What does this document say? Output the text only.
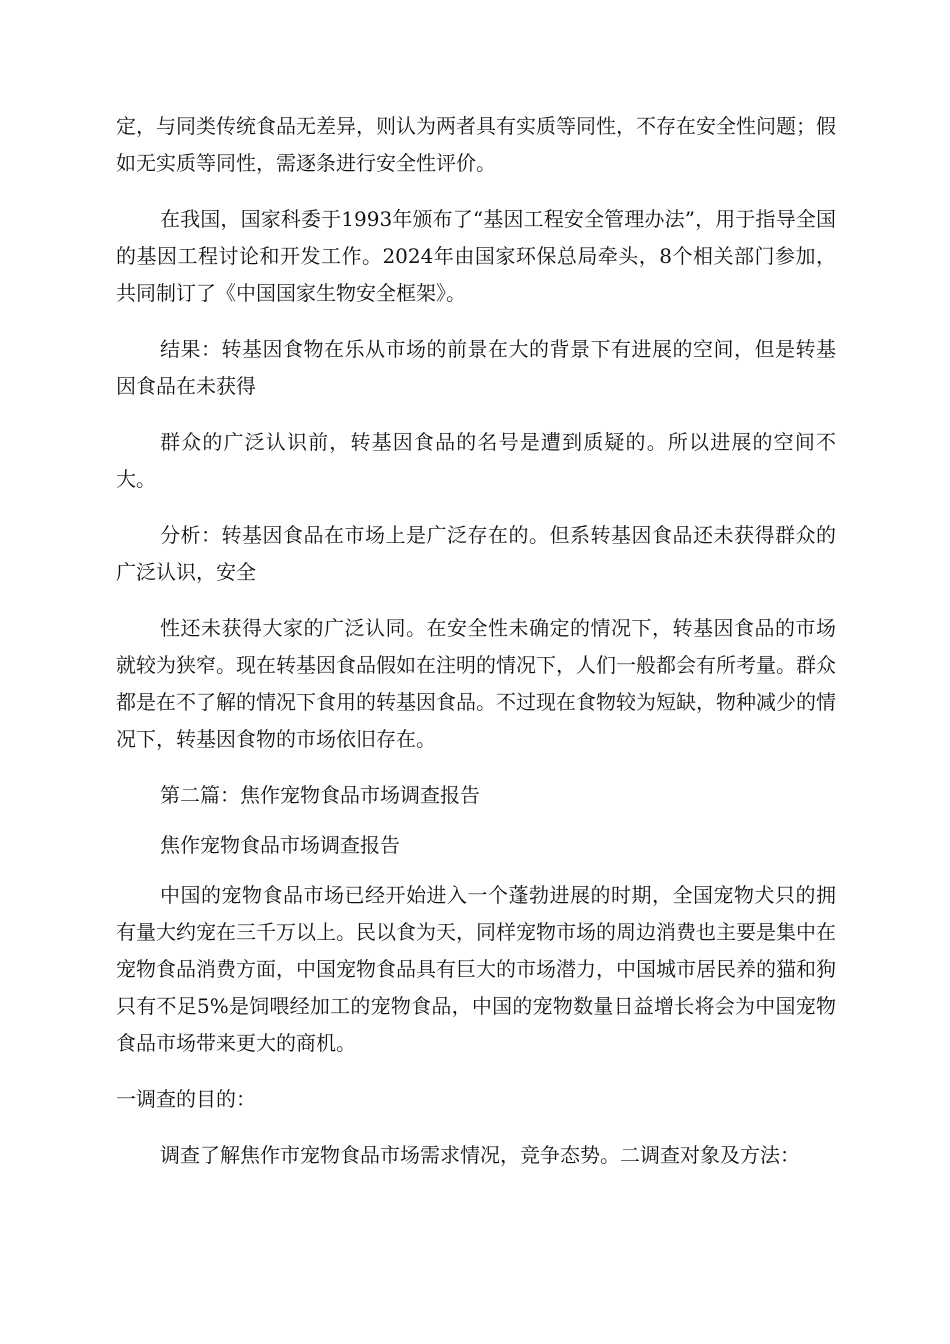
定，与同类传统食品无差异，则认为两者具有实质等同性，不存在安全性问题；假如无实质等同性，需逐条进行安全性评价。

在我国，国家科委于1993年颁布了“基因工程安全管理办法”，用于指导全国的基因工程讨论和开发工作。2024年由国家环保总局牵头，8个相关部门参加，共同制订了《中国国家生物安全框架》。

结果：转基因食物在乐从市场的前景在大的背景下有进展的空间，但是转基因食品在未获得

群众的广泛认识前，转基因食品的名号是遭到质疑的。所以进展的空间不大。

分析：转基因食品在市场上是广泛存在的。但系转基因食品还未获得群众的广泛认识，安全

性还未获得大家的广泛认同。在安全性未确定的情况下，转基因食品的市场就较为狭窄。现在转基因食品假如在注明的情况下，人们一般都会有所考量。群众都是在不了解的情况下食用的转基因食品。不过现在食物较为短缺，物种减少的情况下，转基因食物的市场依旧存在。

第二篇：焦作宠物食品市场调查报告

焦作宠物食品市场调查报告

中国的宠物食品市场已经开始进入一个蓬勃进展的时期，全国宠物犬只的拥有量大约宠在三千万以上。民以食为天，同样宠物市场的周边消费也主要是集中在宠物食品消费方面，中国宠物食品具有巨大的市场潜力，中国城市居民养的猫和狗只有不足5%是饲喂经加工的宠物食品，中国的宠物数量日益增长将会为中国宠物食品市场带来更大的商机。

一调查的目的：

调查了解焦作市宠物食品市场需求情况，竞争态势。二调查对象及方法：
